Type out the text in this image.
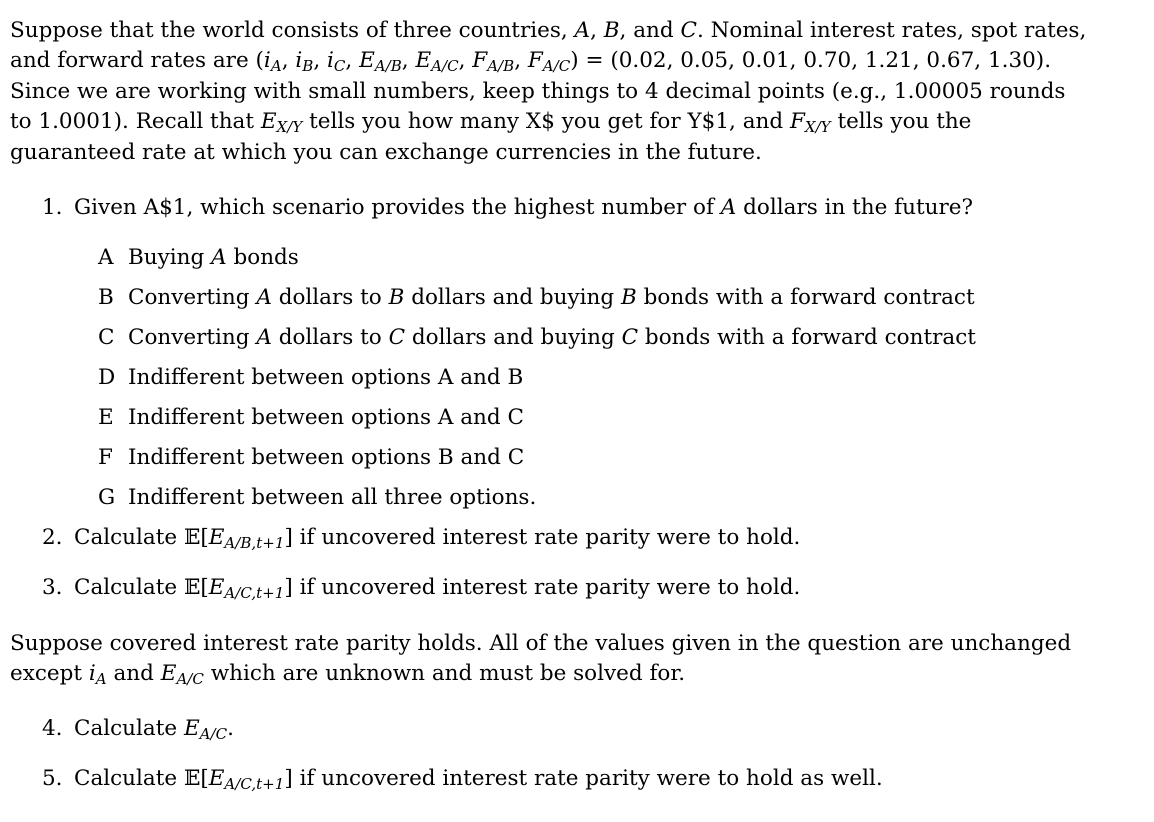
Suppose that the world consists of three countries, A, B, and C. Nominal interest rates, spot rates,
and forward rates are ($i_A$, $i_B$, $i_C$, $E_{A/B}$, $E_{A/C}$, $F_{A/B}$, $F_{A/C}) = (0.02$, 0.05, 0.01, 0.70, 1.21, 0.67, 1.30).
Since we are working with small numbers, keep things to 4 decimal points (e.g., 1.00005 rounds
to 1.0001). Recall that $E_{X/Y}$ tells you how many X$ you get for Y$1, and $F_{X/Y}$ tells you the
guaranteed rate at which you can exchange currencies in the future.
1. Given A$1, which scenario provides the highest number of A dollars in the future?
A Buying A bonds
B Converting A dollars to B dollars and buying B bonds with a forward contract
C Converting A dollars to C dollars and buying C bonds with a forward contract
D Indifferent between options A and B
E Indifferent between options A and C
F Indifferent between options B and C
G Indifferent between all three options.
2. Calculate $𝔼[E_{A/B,t+1}]$ if uncovered interest rate parity were to hold.
3. Calculate $𝔼[E_{A/C,t+1}]$ if uncovered interest rate parity were to hold.
Suppose covered interest rate parity holds. All of the values given in the question are unchanged
except $i_A$ and $E_{A/C}$ which are unknown and must be solved for.
4. Calculate $E_{A/C}$.
5. Calculate $𝔼[E_{A/C,t+1}]$ if uncovered interest rate parity were to hold as well.
